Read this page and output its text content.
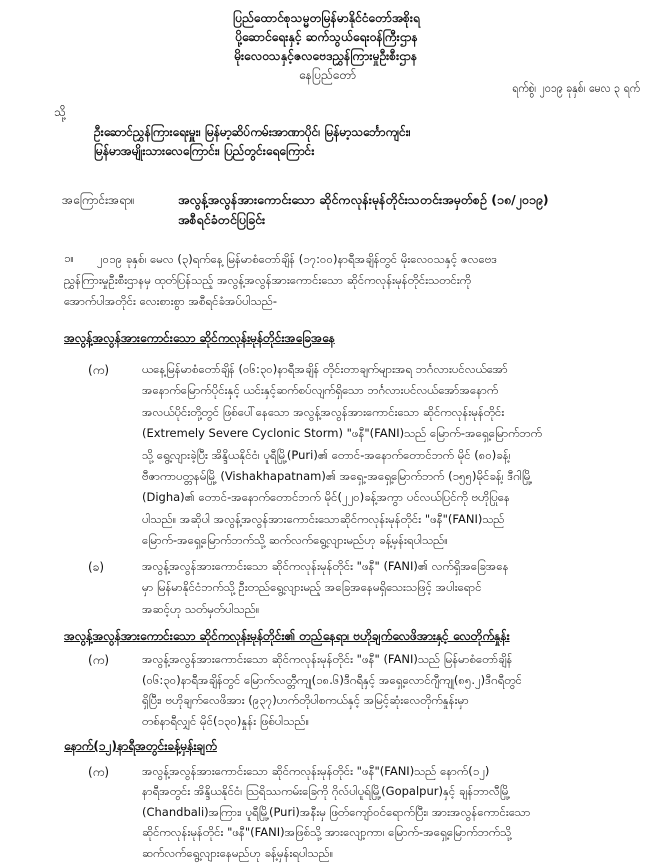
ပြည်ထောင်စုသမ္မတမြန်မာနိုင်ငံတော်အစိုးရ
ပို့ဆောင်ရေးနှင့် ဆက်သွယ်ရေးဝန်ကြီးဌာန
မိုးလေဝသနှင့်ဇလဗေဒညွှန်ကြားမှုဦးစီးဌာန
နေပြည်တော်
ရက်စွဲ၊ ၂၀၁၉ ခုနှစ်၊ မေလ ၃ ရက်
သို့
ဦးဆောင်ညွှန်ကြားရေးမှူး၊ မြန်မာ့ဆိပ်ကမ်းအာဏာပိုင်၊ မြန်မာ့သင်္ဘောကျင်း၊
မြန်မာအမျိုးသားလေကြောင်း၊ ပြည်တွင်းရေကြောင်း
အကြောင်းအရာ။	အလွန့်အလွန်အားကောင်းသော ဆိုင်ကလုန်းမုန်တိုင်းသတင်းအမှတ်စဉ် (၁၈/၂၀၁၉)
အစီရင်ခံတင်ပြခြင်း
၁။ ၂၀၁၉ ခုနှစ်၊ မေလ (၃)ရက်နေ့ မြန်မာစံတော်ချိန် (၁၇:၀၀)နာရီအချိန်တွင် မိုးလေဝသနှင့် ဇလဗေဒ
ညွှန်ကြားမှုဦးစီးဌာနမှ ထုတ်ပြန်သည့် အလွန့်အလွန်အားကောင်းသော ဆိုင်ကလုန်းမုန်တိုင်းသတင်းကို
အောက်ပါအတိုင်း လေးစားစွာ အစီရင်ခံအပ်ပါသည်-
အလွန့်အလွန်အားကောင်းသော ဆိုင်ကလုန်းမုန်တိုင်းအခြေအနေ
(က)	ယနေ့မြန်မာစံတော်ချိန် (၀၆:၃၀)နာရီအချိန် တိုင်းတာချက်များအရ ဘင်္ဂလားပင်လယ်အော်
အနောက်မြောက်ပိုင်းနှင့် ယင်းနှင့်ဆက်စပ်လျက်ရှိသော ဘင်္ဂလားပင်လယ်အော်အနောက်
အလယ်ပိုင်းတို့တွင် ဖြစ်ပေါ်နေသော အလွန့်အလွန်အားကောင်းသော ဆိုင်ကလုန်းမုန်တိုင်း
(Extremely Severe Cyclonic Storm) "ဖနီ"(FANI)သည် မြောက်-အရှေ့မြောက်ဘက်
သို့ ရွေ့လျားခဲ့ပြီး အိန္ဒိယနိုင်ငံ၊ ပူရီမြို့(Puri)၏ တောင်-အနောက်တောင်ဘက် မိုင် (၈၀)ခန့်၊
ဗီဇာကာပတ္တနမ်မြို့ (Vishakhapatnam)၏ အရှေ့-အရှေ့မြောက်ဘက် (၁၅၅)မိုင်ခန့်၊ ဒီဂါမြို့
(Digha)၏ တောင်-အနောက်တောင်ဘက် မိုင်(၂၂၀)ခန့်အကွာ ပင်လယ်ပြင်ကို ဗဟိုပြုနေ
ပါသည်။ အဆိုပါ အလွန့်အလွန်အားကောင်းသောဆိုင်ကလုန်းမုန်တိုင်း "ဖနီ"(FANI)သည်
မြောက်-အရှေ့မြောက်ဘက်သို့ ဆက်လက်ရွေ့လျားမည်ဟု ခန့်မှန်းရပါသည်။
(ခ)	အလွန့်အလွန်အားကောင်းသော ဆိုင်ကလုန်းမုန်တိုင်း "ဖနီ" (FANI)၏ လက်ရှိအခြေအနေ
မှာ မြန်မာနိုင်ငံဘက်သို့ ဦးတည်ရွေ့လျားမည့် အခြေအနေမရှိသေးသဖြင့် အပါးရောင်
အဆင့်ဟု သတ်မှတ်ပါသည်။
အလွန့်အလွန်အားကောင်းသော ဆိုင်ကလုန်းမုန်တိုင်း၏ တည်နေရာ၊ ဗဟိုချက်လေဖိအားနှင့် လေတိုက်နှုန်း
(က)	အလွန့်အလွန်အားကောင်းသော ဆိုင်ကလုန်းမုန်တိုင်း "ဖနီ" (FANI)သည် မြန်မာစံတော်ချိန်
(၀၆:၃၀)နာရီအချိန်တွင် မြောက်လတ္တီကျု(၁၈.၆)ဒီဂရီနှင့် အရှေ့လောင်ဂျီကျု(၈၅.၂)ဒီဂရီတွင်
ရှိပြီး၊ ဗဟိုချက်လေဖိအား (၉၃၇)ဟက်တိုပါစကယ်နှင့် အမြင့်ဆုံးလေတိုက်နှုန်းမှာ
တစ်နာရီလျှင် မိုင်(၁၃၀)နှုန်း ဖြစ်ပါသည်။
နောက်(၁၂)နာရီအတွင်းခန့်မှန်းချက်
(က)	အလွန့်အလွန်အားကောင်းသော ဆိုင်ကလုန်းမုန်တိုင်း "ဖနီ"(FANI)သည် နောက်(၁၂)
နာရီအတွင်း အိန္ဒိယနိုင်ငံ၊ ဩရိဿကမ်းခြေကို ဂိုလ်ပါပူရ်မြို့(Gopalpur)နှင့် ချန်ဘာလီမြို့
(Chandbali)အကြား၊ ပူရီမြို့(Puri)အနီးမှ ဖြတ်ကျော်ဝင်ရောက်ပြီး၊ အားအလွန်ကောင်းသော
ဆိုင်ကလုန်းမုန်တိုင်း "ဖနီ"(FANI)အဖြစ်သို့ အားလျော့ကာ၊ မြောက်-အရှေ့မြောက်ဘက်သို့
ဆက်လက်ရွေ့လျားနေမည်ဟု ခန့်မှန်းရပါသည်။
